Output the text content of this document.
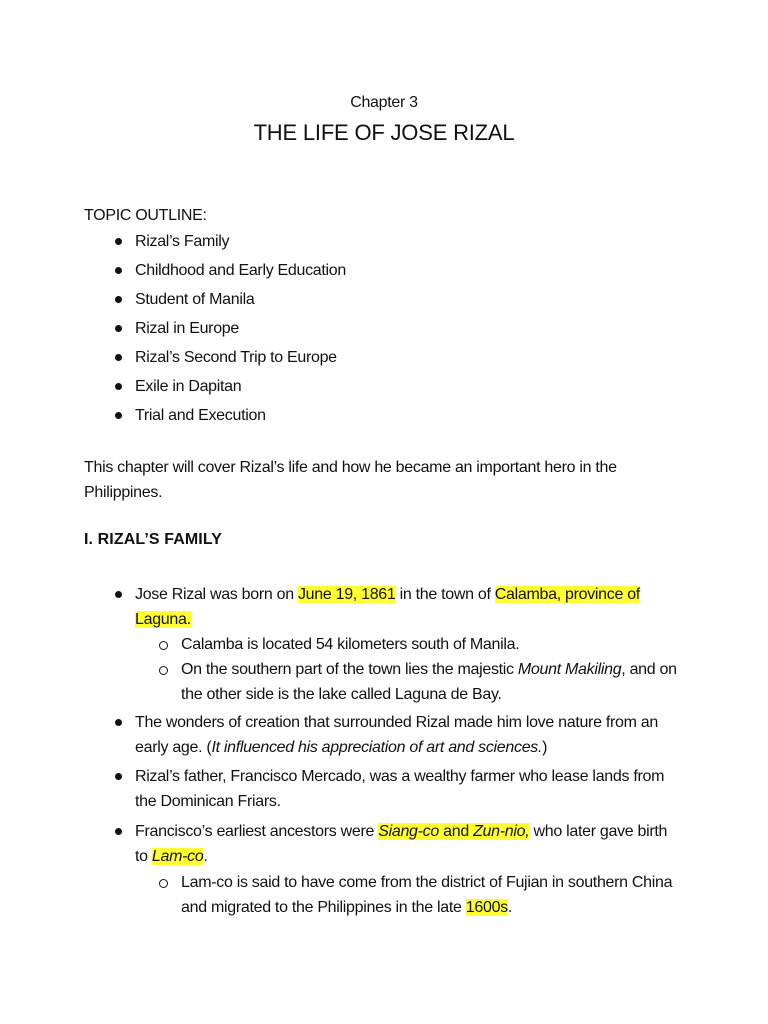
Chapter 3
THE LIFE OF JOSE RIZAL
TOPIC OUTLINE:
Rizal’s Family
Childhood and Early Education
Student of Manila
Rizal in Europe
Rizal’s Second Trip to Europe
Exile in Dapitan
Trial and Execution
This chapter will cover Rizal’s life and how he became an important hero in the Philippines.
I. RIZAL’S FAMILY
Jose Rizal was born on June 19, 1861 in the town of Calamba, province of Laguna.
Calamba is located 54 kilometers south of Manila.
On the southern part of the town lies the majestic Mount Makiling, and on the other side is the lake called Laguna de Bay.
The wonders of creation that surrounded Rizal made him love nature from an early age. (It influenced his appreciation of art and sciences.)
Rizal’s father, Francisco Mercado, was a wealthy farmer who lease lands from the Dominican Friars.
Francisco’s earliest ancestors were Siang-co and Zun-nio, who later gave birth to Lam-co.
Lam-co is said to have come from the district of Fujian in southern China and migrated to the Philippines in the late 1600s.
